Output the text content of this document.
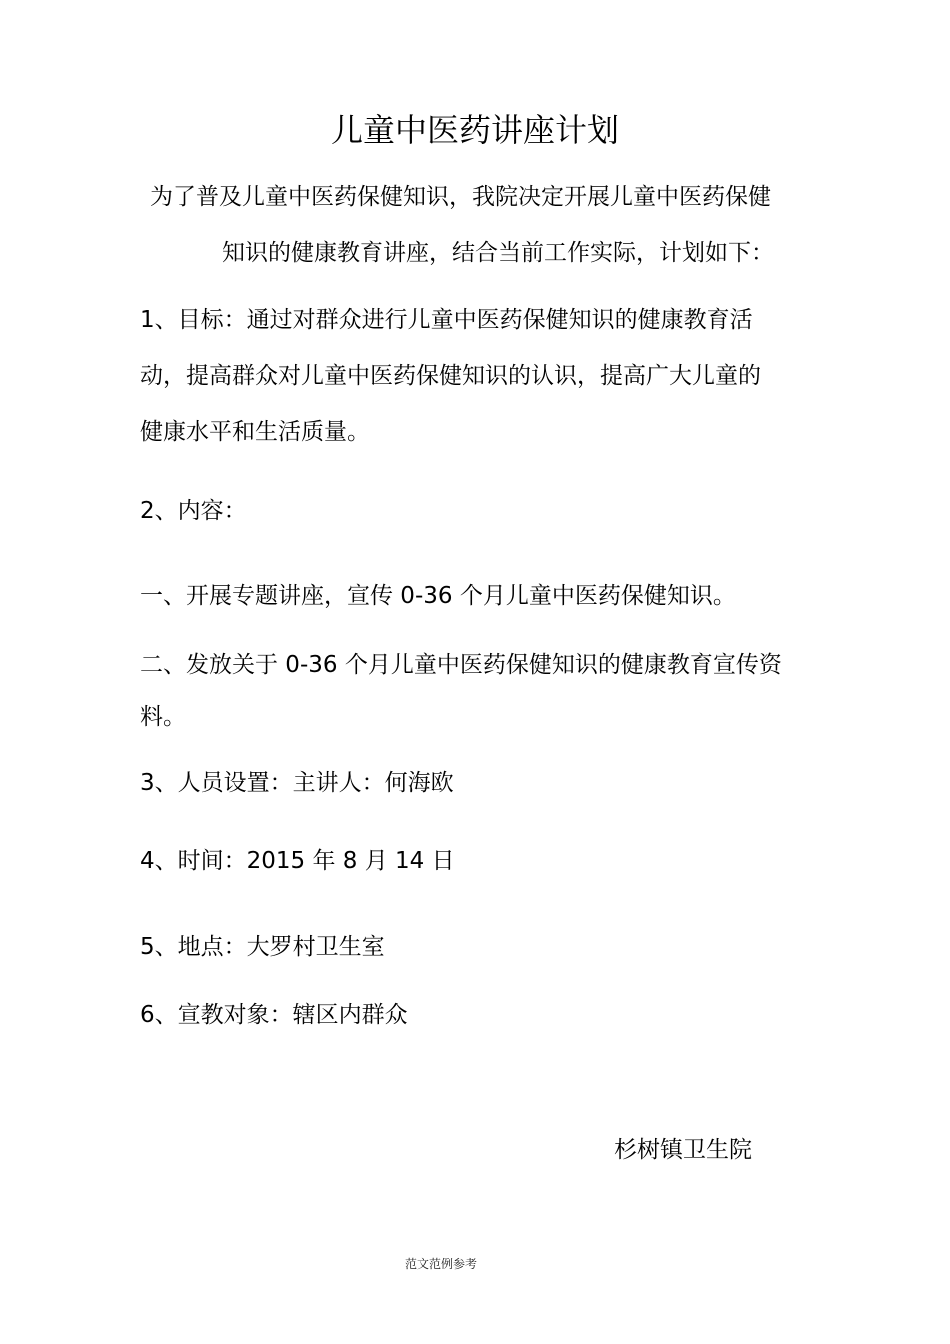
儿童中医药讲座计划
为了普及儿童中医药保健知识，我院决定开展儿童中医药保健
知识的健康教育讲座，结合当前工作实际，计划如下：
1、目标：通过对群众进行儿童中医药保健知识的健康教育活
动，提高群众对儿童中医药保健知识的认识，提高广大儿童的
健康水平和生活质量。
2、内容：
一、开展专题讲座，宣传 0-36 个月儿童中医药保健知识。
二、发放关于 0-36 个月儿童中医药保健知识的健康教育宣传资
料。
3、人员设置：主讲人：何海欧
4、时间：2015 年 8 月 14 日
5、地点：大罗村卫生室
6、宣教对象：辖区内群众
杉树镇卫生院
范文范例参考
